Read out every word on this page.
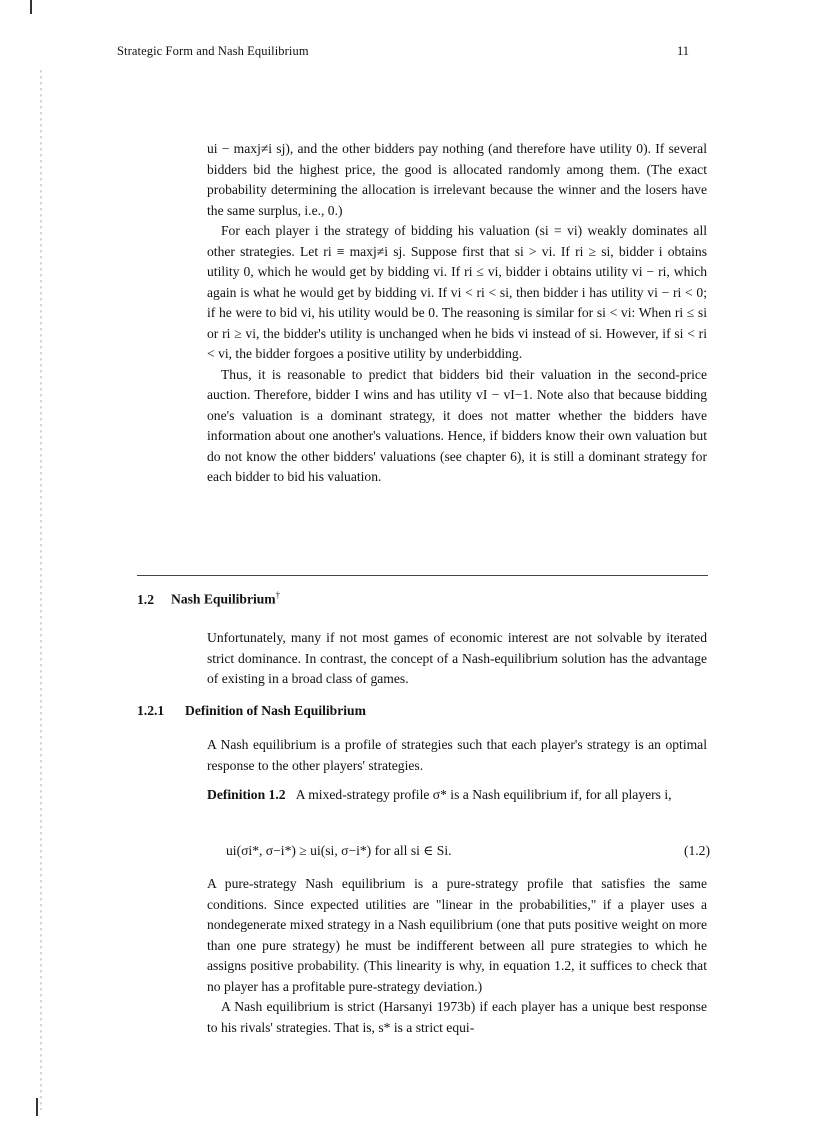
Strategic Form and Nash Equilibrium	11

ui − maxj≠i sj), and the other bidders pay nothing (and therefore have utility 0). If several bidders bid the highest price, the good is allocated randomly among them. (The exact probability determining the allocation is irrelevant because the winner and the losers have the same surplus, i.e., 0.)

For each player i the strategy of bidding his valuation (si = vi) weakly dominates all other strategies. Let ri ≡ maxj≠i sj. Suppose first that si > vi. If ri ≥ si, bidder i obtains utility 0, which he would get by bidding vi. If ri ≤ vi, bidder i obtains utility vi − ri, which again is what he would get by bidding vi. If vi < ri < si, then bidder i has utility vi − ri < 0; if he were to bid vi, his utility would be 0. The reasoning is similar for si < vi: When ri ≤ si or ri ≥ vi, the bidder's utility is unchanged when he bids vi instead of si. However, if si < ri < vi, the bidder forgoes a positive utility by underbidding.

Thus, it is reasonable to predict that bidders bid their valuation in the second-price auction. Therefore, bidder I wins and has utility vI − vI−1. Note also that because bidding one's valuation is a dominant strategy, it does not matter whether the bidders have information about one another's valuations. Hence, if bidders know their own valuation but do not know the other bidders' valuations (see chapter 6), it is still a dominant strategy for each bidder to bid his valuation.

1.2 Nash Equilibrium†

Unfortunately, many if not most games of economic interest are not solvable by iterated strict dominance. In contrast, the concept of a Nash-equilibrium solution has the advantage of existing in a broad class of games.

1.2.1 Definition of Nash Equilibrium

A Nash equilibrium is a profile of strategies such that each player's strategy is an optimal response to the other players' strategies.

Definition 1.2 A mixed-strategy profile σ* is a Nash equilibrium if, for all players i,

ui(σi*, σ−i*) ≥ ui(si, σ−i*) for all si ∈ Si.	(1.2)

A pure-strategy Nash equilibrium is a pure-strategy profile that satisfies the same conditions. Since expected utilities are "linear in the probabilities," if a player uses a nondegenerate mixed strategy in a Nash equilibrium (one that puts positive weight on more than one pure strategy) he must be indifferent between all pure strategies to which he assigns positive probability. (This linearity is why, in equation 1.2, it suffices to check that no player has a profitable pure-strategy deviation.)

A Nash equilibrium is strict (Harsanyi 1973b) if each player has a unique best response to his rivals' strategies. That is, s* is a strict equi-
